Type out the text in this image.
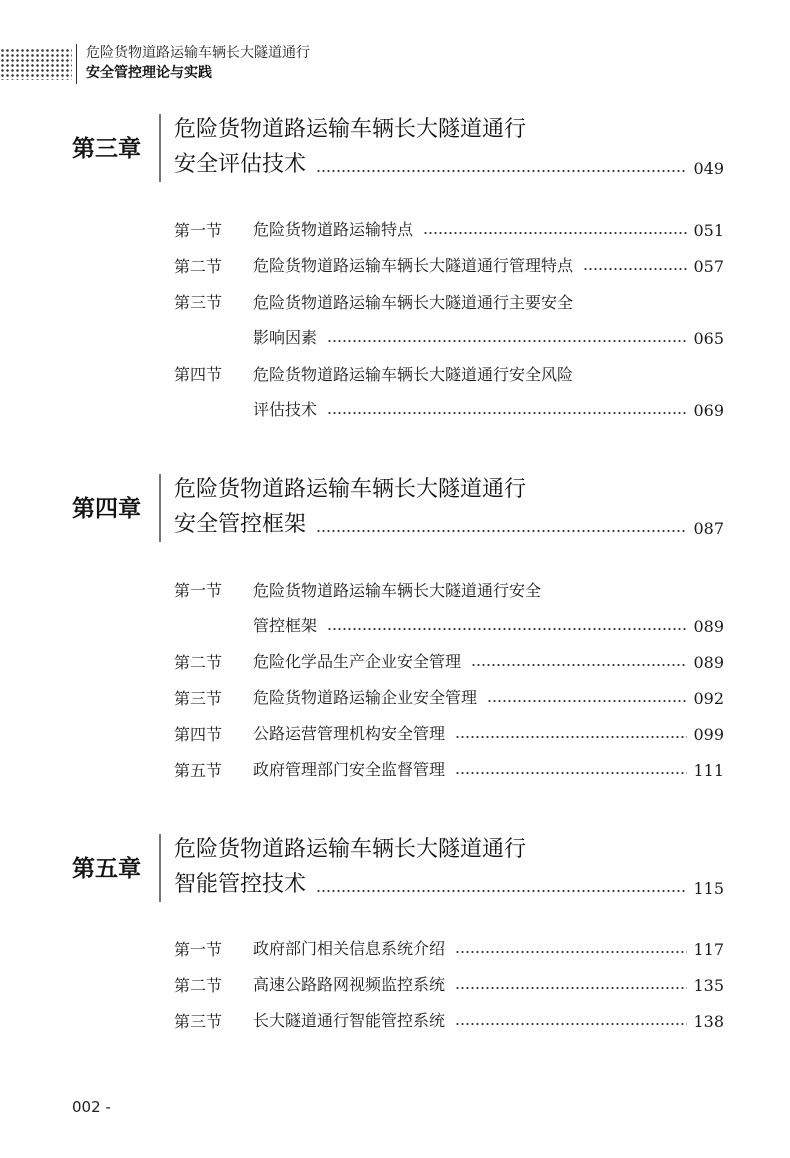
危险货物道路运输车辆长大隧道通行
安全管控理论与实践
第三章
危险货物道路运输车辆长大隧道通行
安全评估技术	049
第一节 危险货物道路运输特点	051
第二节 危险货物道路运输车辆长大隧道通行管理特点	057
第三节 危险货物道路运输车辆长大隧道通行主要安全
影响因素	065
第四节 危险货物道路运输车辆长大隧道通行安全风险
评估技术	069
第四章
危险货物道路运输车辆长大隧道通行
安全管控框架	087
第一节 危险货物道路运输车辆长大隧道通行安全
管控框架	089
第二节 危险化学品生产企业安全管理	089
第三节 危险货物道路运输企业安全管理	092
第四节 公路运营管理机构安全管理	099
第五节 政府管理部门安全监督管理	111
第五章
危险货物道路运输车辆长大隧道通行
智能管控技术	115
第一节 政府部门相关信息系统介绍	117
第二节 高速公路路网视频监控系统	135
第三节 长大隧道通行智能管控系统	138
002 -
